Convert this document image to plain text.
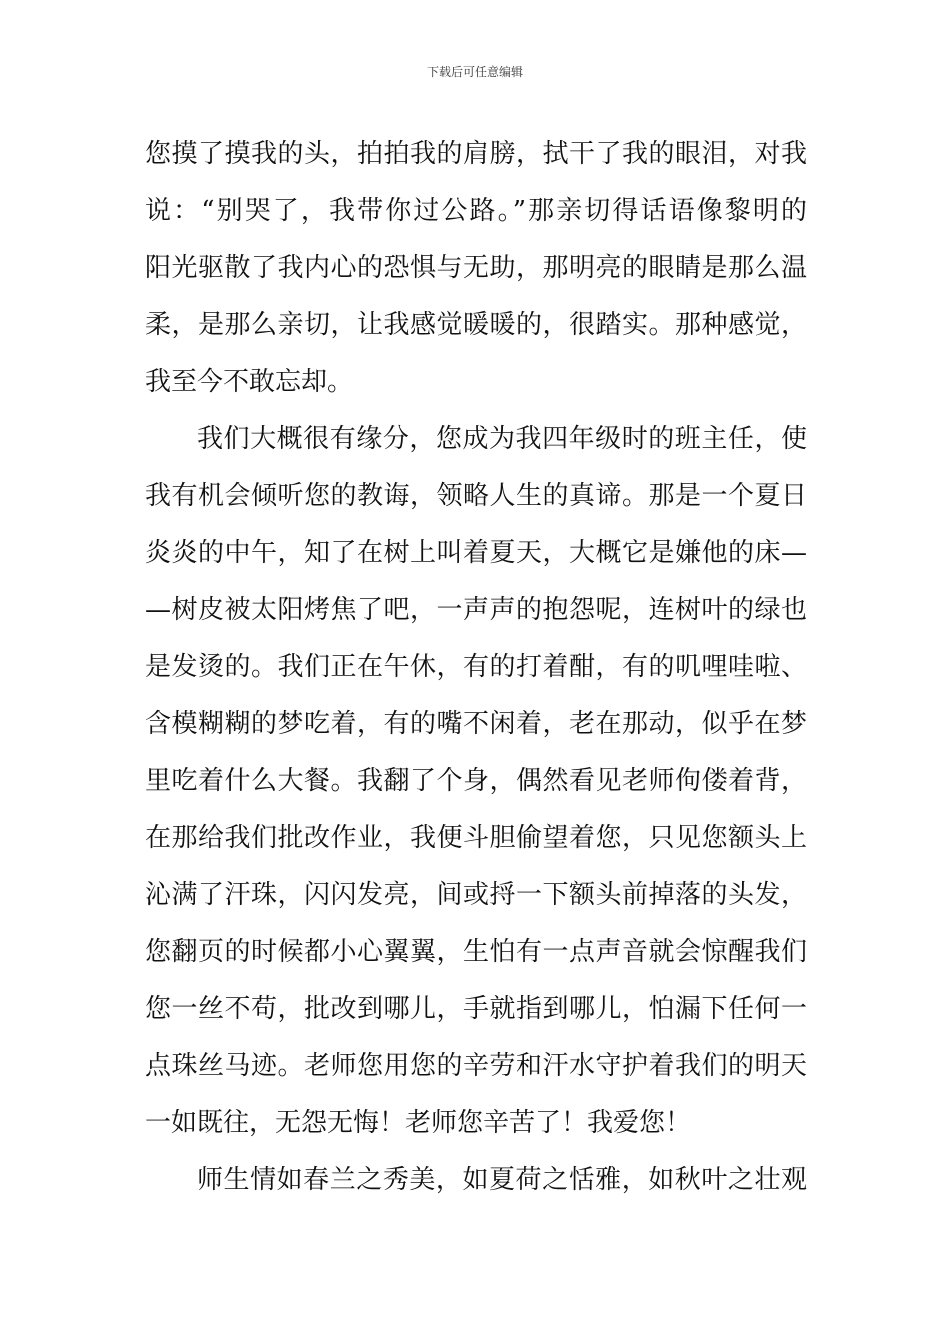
下载后可任意编辑
您摸了摸我的头，拍拍我的肩膀，拭干了我的眼泪，对我
说：“别哭了，我带你过公路。”那亲切得话语像黎明的
阳光驱散了我内心的恐惧与无助，那明亮的眼睛是那么温
柔，是那么亲切，让我感觉暖暖的，很踏实。那种感觉，
我至今不敢忘却。
我们大概很有缘分，您成为我四年级时的班主任，使
我有机会倾听您的教诲，领略人生的真谛。那是一个夏日
炎炎的中午，知了在树上叫着夏天，大概它是嫌他的床—
—树皮被太阳烤焦了吧，一声声的抱怨呢，连树叶的绿也
是发烫的。我们正在午休，有的打着酣，有的叽哩哇啦、
含模糊糊的梦吃着，有的嘴不闲着，老在那动，似乎在梦
里吃着什么大餐。我翻了个身，偶然看见老师佝偻着背，
在那给我们批改作业，我便斗胆偷望着您，只见您额头上
沁满了汗珠，闪闪发亮，间或捋一下额头前掉落的头发，
您翻页的时候都小心翼翼，生怕有一点声音就会惊醒我们
您一丝不苟，批改到哪儿，手就指到哪儿，怕漏下任何一
点珠丝马迹。老师您用您的辛劳和汗水守护着我们的明天
一如既往，无怨无悔！老师您辛苦了！我爱您！
师生情如春兰之秀美，如夏荷之恬雅，如秋叶之壮观
